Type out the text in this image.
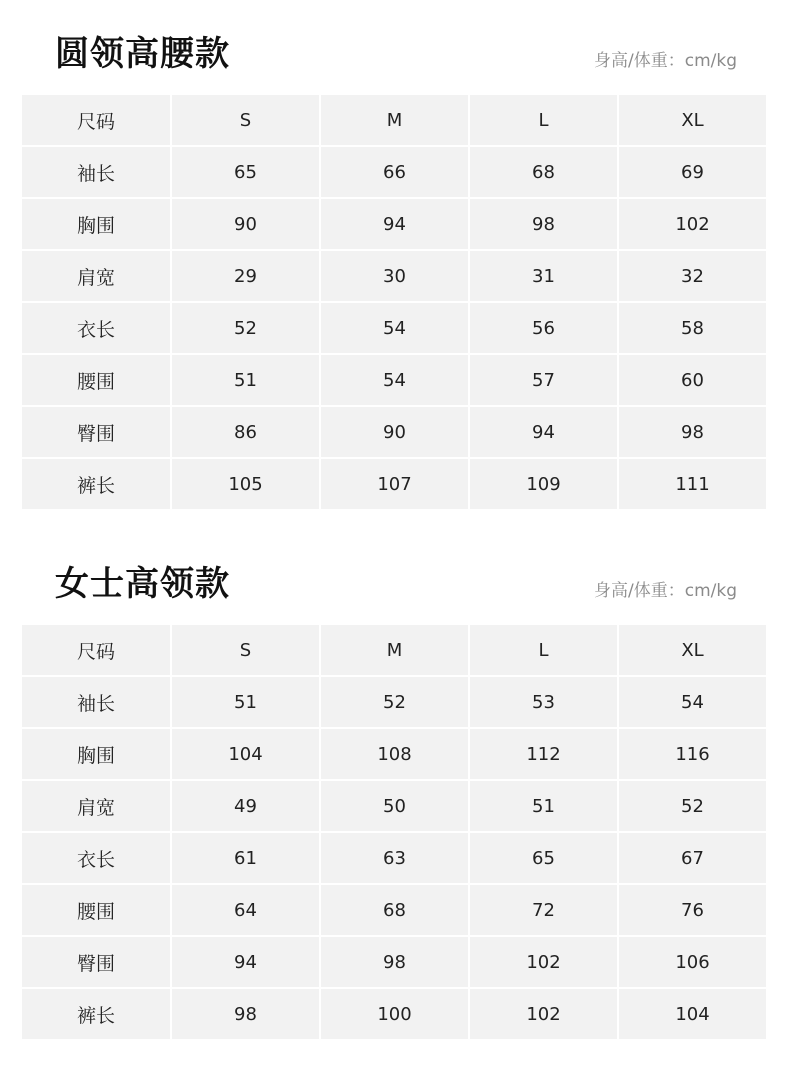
圆领高腰款	身高/体重：cm/kg
尺码	S	M	L	XL
袖长	65	66	68	69
胸围	90	94	98	102
肩宽	29	30	31	32
衣长	52	54	56	58
腰围	51	54	57	60
臀围	86	90	94	98
裤长	105	107	109	111
女士高领款	身高/体重：cm/kg
尺码	S	M	L	XL
袖长	51	52	53	54
胸围	104	108	112	116
肩宽	49	50	51	52
衣长	61	63	65	67
腰围	64	68	72	76
臀围	94	98	102	106
裤长	98	100	102	104
